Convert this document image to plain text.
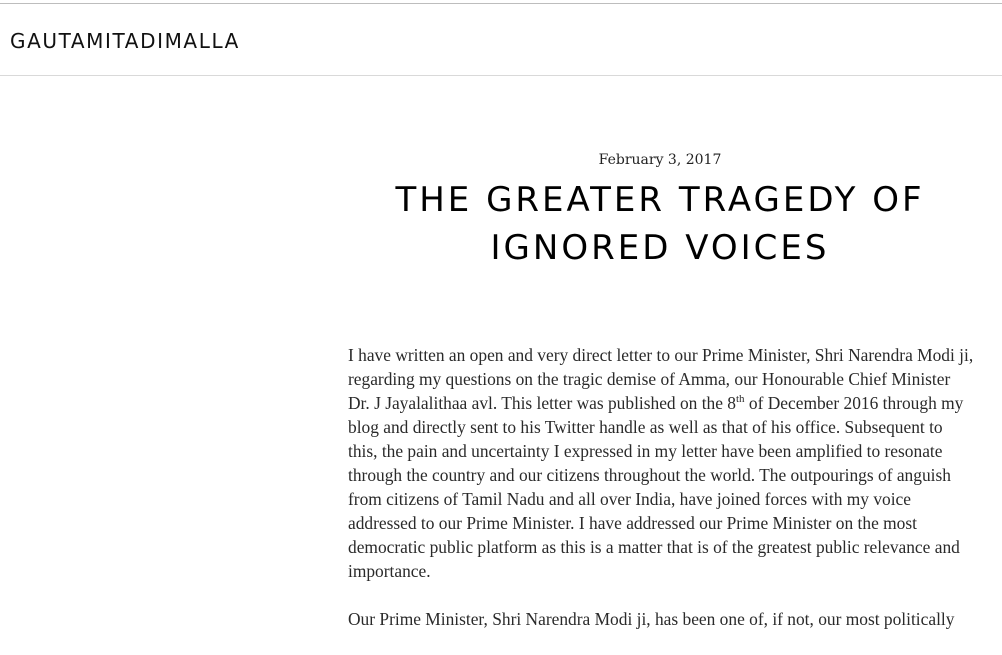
GAUTAMITADIMALLA
February 3, 2017
THE GREATER TRAGEDY OF IGNORED VOICES

I have written an open and very direct letter to our Prime Minister, Shri Narendra Modi ji, regarding my questions on the tragic demise of Amma, our Honourable Chief Minister Dr. J Jayalalithaa avl. This letter was published on the 8th of December 2016 through my blog and directly sent to his Twitter handle as well as that of his office. Subsequent to this, the pain and uncertainty I expressed in my letter have been amplified to resonate through the country and our citizens throughout the world. The outpourings of anguish from citizens of Tamil Nadu and all over India, have joined forces with my voice addressed to our Prime Minister. I have addressed our Prime Minister on the most democratic public platform as this is a matter that is of the greatest public relevance and importance.

Our Prime Minister, Shri Narendra Modi ji, has been one of, if not, our most politically
